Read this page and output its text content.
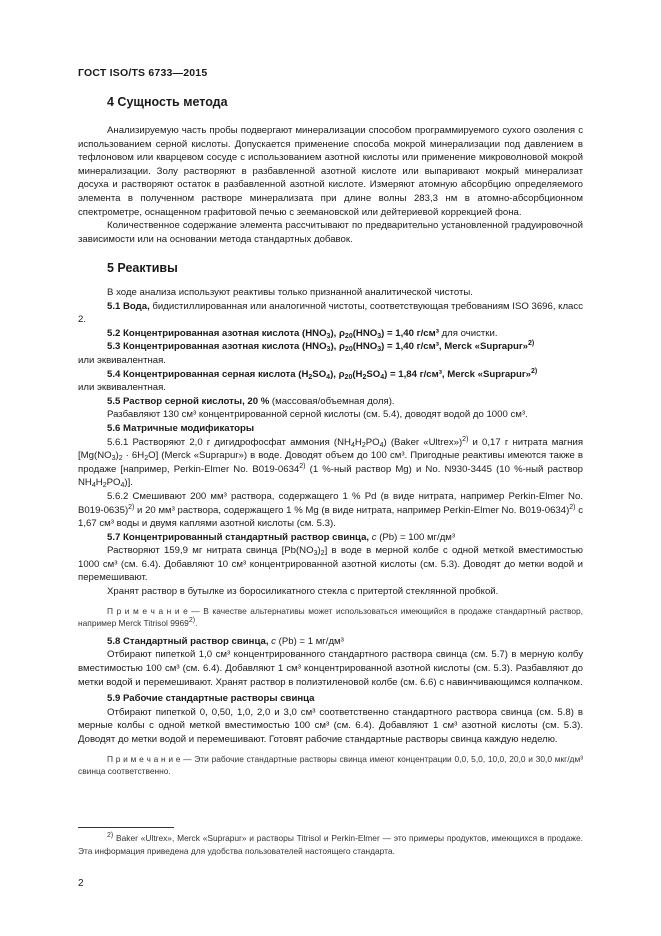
ГОСТ ISO/TS 6733—2015
4 Сущность метода

Анализируемую часть пробы подвергают минерализации способом программируемого сухого озоления с использованием серной кислоты. Допускается применение способа мокрой минерализации под давлением в тефлоновом или кварцевом сосуде с использованием азотной кислоты или применение микроволновой мокрой минерализации. Золу растворяют в разбавленной азотной кислоте или выпаривают мокрый минерализат досуха и растворяют остаток в разбавленной азотной кислоте. Измеряют атомную абсорбцию определяемого элемента в полученном растворе минерализата при длине волны 283,3 нм в атомно-абсорбционном спектрометре, оснащенном графитовой печью с зеемановской или дейтериевой коррекцией фона.

Количественное содержание элемента рассчитывают по предварительно установленной градуировочной зависимости или на основании метода стандартных добавок.

5 Реактивы

В ходе анализа используют реактивы только признанной аналитической чистоты.

5.1 Вода, бидистиллированная или аналогичной чистоты, соответствующая требованиям ISO 3696, класс 2.

5.2 Концентрированная азотная кислота $(HNO_3)$, $\rho_{20}(HNO_3) = 1,40$ г/см³ для очистки.

5.3 Концентрированная азотная кислота $(HNO_3)$, $\rho_{20}(HNO_3) = 1,40$ г/см³, Merck «Suprapur»$^{2)}$

или эквивалентная.

5.4 Концентрированная серная кислота $(H_2SO_4)$, $\rho_{20}(H_2SO_4) = 1,84$ г/см³, Merck «Suprapur»$^{2)}$

или эквивалентная.

5.5 Раствор серной кислоты, 20 % (массовая/объемная доля).

Разбавляют 130 см³ концентрированной серной кислоты (см. 5.4), доводят водой до 1000 см³.

5.6 Матричные модификаторы

5.6.1 Растворяют 2,0 г дигидрофосфат аммония $(NH_4H_2PO_4)$ (Baker «Ultrex»)$^{2)}$ и 0,17 г нитрата магния $[Mg(NO_3)_2 \cdot 6H_2O]$ (Merck «Suprapur») в воде. Доводят объем до 100 см³. Пригодные реактивы имеются также в продаже [например, Perkin-Elmer No. B019-0634$^{2)}$ (1 %-ный раствор Mg) и No. N930-3445 (10 %-ный раствор $NH_4H_2PO_4$)].

5.6.2 Смешивают 200 мм³ раствора, содержащего 1 % Pd (в виде нитрата, например Perkin-Elmer No. B019-0635)$^{2)}$ и 20 мм³ раствора, содержащего 1 % Mg (в виде нитрата, например Perkin-Elmer No. B019-0634)$^{2)}$ с 1,67 см³ воды и двумя каплями азотной кислоты (см. 5.3).

5.7 Концентрированный стандартный раствор свинца, c (Pb) = 100 мг/дм³

Растворяют 159,9 мг нитрата свинца $[Pb(NO_3)_2]$ в воде в мерной колбе с одной меткой вместимостью 1000 см³ (см. 6.4). Добавляют 10 см³ концентрированной азотной кислоты (см. 5.3). Доводят до метки водой и перемешивают.

Хранят раствор в бутылке из боросиликатного стекла с притертой стеклянной пробкой.

П р и м е ч а н и е — В качестве альтернативы может использоваться имеющийся в продаже стандартный раствор, например Merck Titrisol 9969$^{2)}$.

5.8 Стандартный раствор свинца, c (Pb) = 1 мг/дм³

Отбирают пипеткой 1,0 см³ концентрированного стандартного раствора свинца (см. 5.7) в мерную колбу вместимостью 100 см³ (см. 6.4). Добавляют 1 см³ концентрированной азотной кислоты (см. 5.3). Разбавляют до метки водой и перемешивают. Хранят раствор в полиэтиленовой колбе (см. 6.6) с навинчивающимся колпачком.

5.9 Рабочие стандартные растворы свинца

Отбирают пипеткой 0, 0,50, 1,0, 2,0 и 3,0 см³ соответственно стандартного раствора свинца (см. 5.8) в мерные колбы с одной меткой вместимостью 100 см³ (см. 6.4). Добавляют 1 см³ азотной кислоты (см. 5.3). Доводят до метки водой и перемешивают. Готовят рабочие стандартные растворы свинца каждую неделю.

П р и м е ч а н и е — Эти рабочие стандартные растворы свинца имеют концентрации 0,0, 5,0, 10,0, 20,0 и 30,0 мкг/дм³ свинца соответственно.

$^{2)}$ Baker «Ultrex», Merck «Suprapur» и растворы Titrisol и Perkin-Elmer — это примеры продуктов, имеющихся в продаже. Эта информация приведена для удобства пользователей настоящего стандарта.

2
